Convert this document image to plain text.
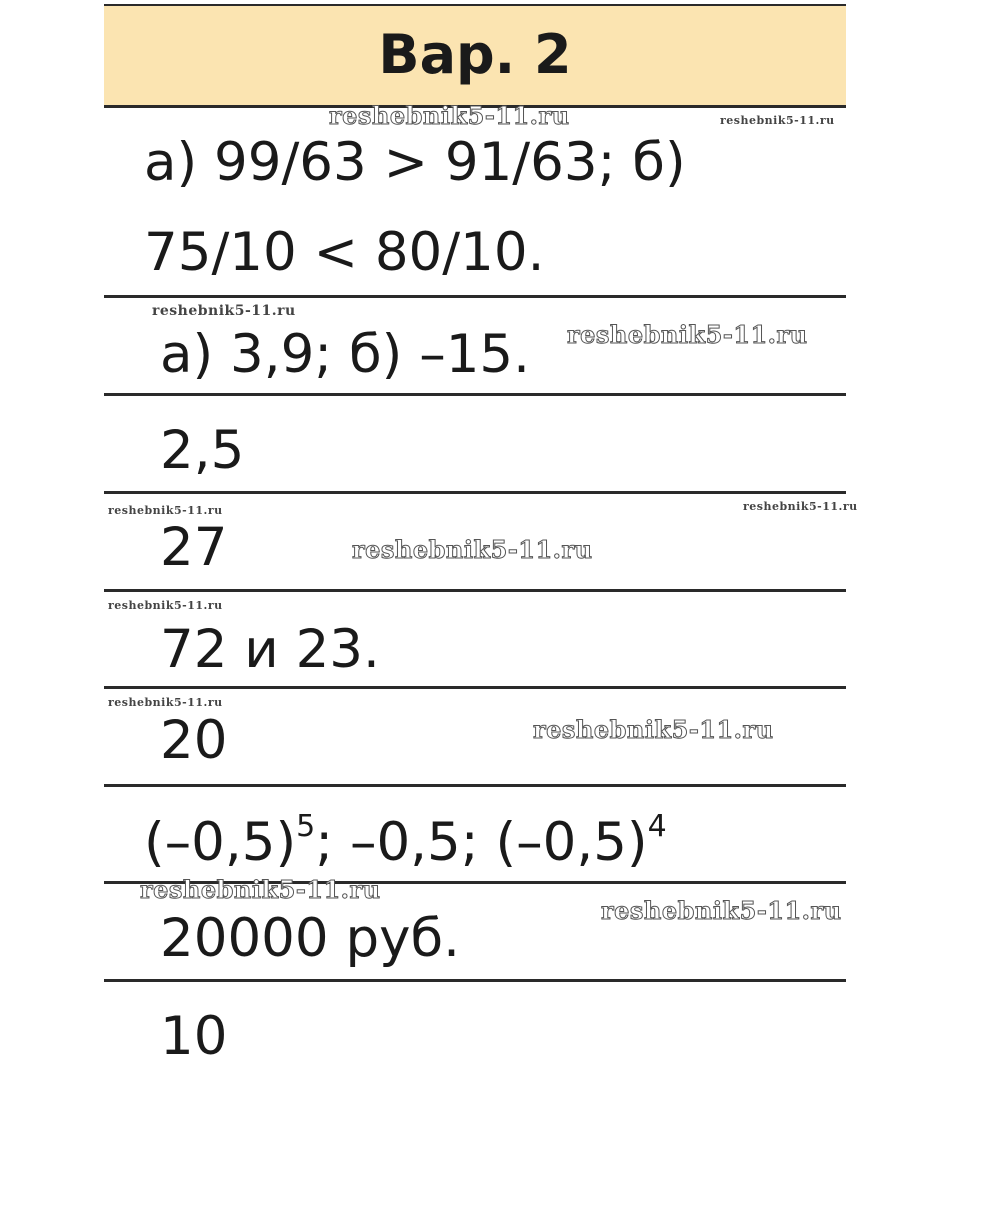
Вар. 2
а) 99/63 > 91/63; б)
75/10 < 80/10.
а) 3,9; б) –15.
2,5
27
72 и 23.
20
$(-0,5)^5$; –0,5; $(-0,5)^4$
20000 руб.
10
reshebnik5-11.ru	reshebnik5-11.ru
reshebnik5-11.ru
reshebnik5-11.ru
reshebnik5-11.ru	reshebnik5-11.ru
reshebnik5-11.ru
reshebnik5-11.ru
reshebnik5-11.ru
reshebnik5-11.ru
reshebnik5-11.ru
reshebnik5-11.ru
